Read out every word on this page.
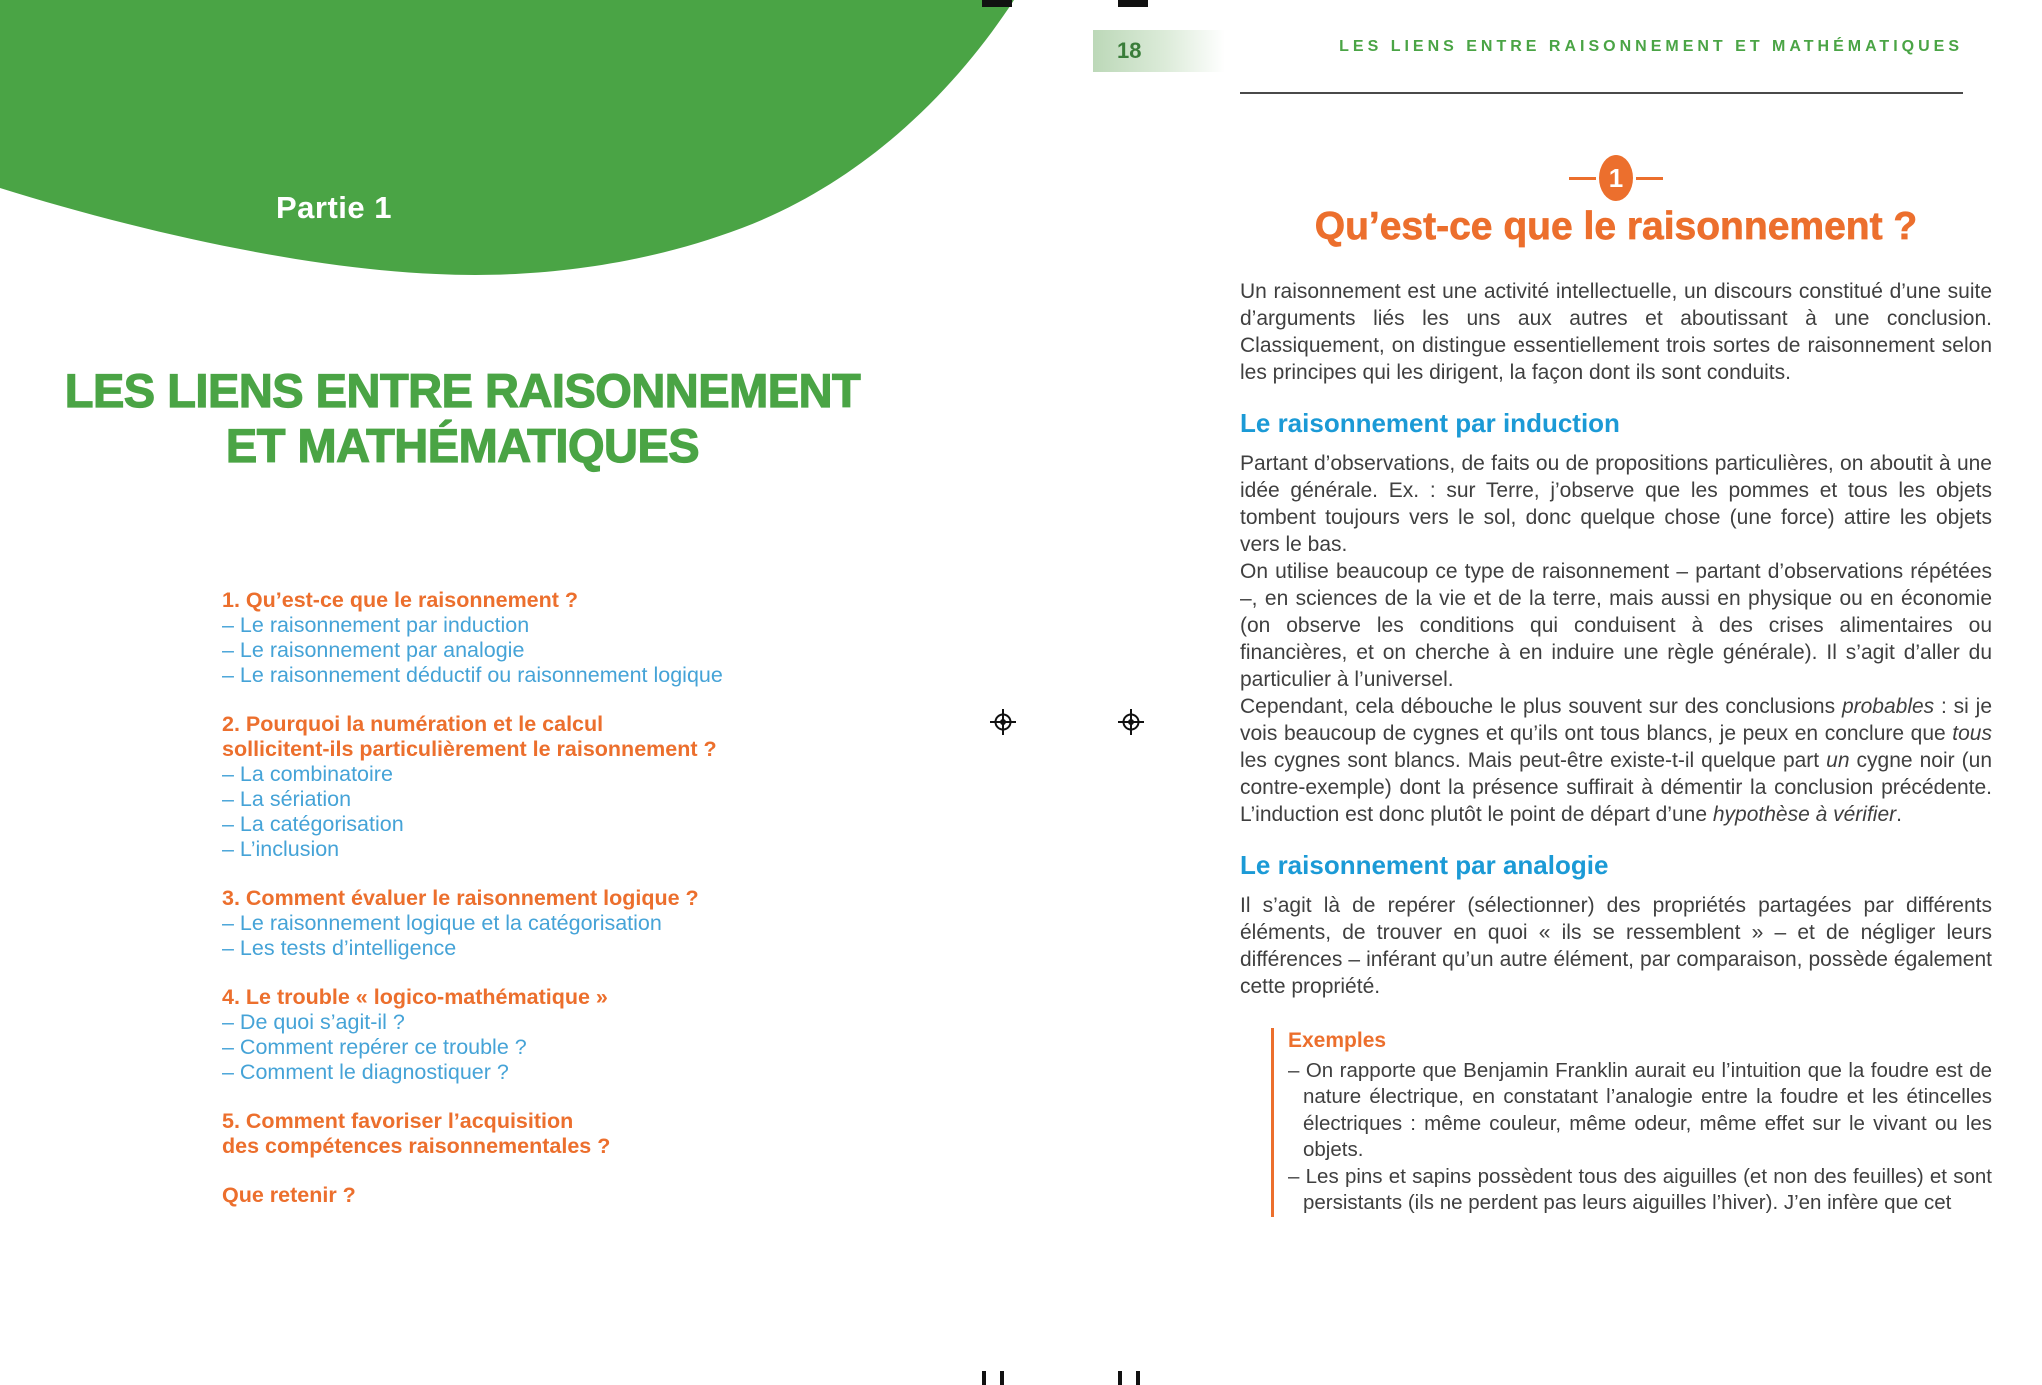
Partie 1
LES LIENS ENTRE RAISONNEMENT
ET MATHÉMATIQUES
1. Qu’est-ce que le raisonnement ?
– Le raisonnement par induction
– Le raisonnement par analogie
– Le raisonnement déductif ou raisonnement logique
2. Pourquoi la numération et le calcul
sollicitent-ils particulièrement le raisonnement ?
– La combinatoire
– La sériation
– La catégorisation
– L’inclusion
3. Comment évaluer le raisonnement logique ?
– Le raisonnement logique et la catégorisation
– Les tests d’intelligence
4. Le trouble « logico-mathématique »
– De quoi s’agit-il ?
– Comment repérer ce trouble ?
– Comment le diagnostiquer ?
5. Comment favoriser l’acquisition
des compétences raisonnementales ?
Que retenir ?
18	LES LIENS ENTRE RAISONNEMENT ET MATHÉMATIQUES
1
Qu’est-ce que le raisonnement ?
Un raisonnement est une activité intellectuelle, un discours constitué d’une suite d’arguments liés les uns aux autres et aboutissant à une conclusion. Classiquement, on distingue essentiellement trois sortes de raisonnement selon les principes qui les dirigent, la façon dont ils sont conduits.
Le raisonnement par induction
Partant d’observations, de faits ou de propositions particulières, on aboutit à une idée générale. Ex. : sur Terre, j’observe que les pommes et tous les objets tombent toujours vers le sol, donc quelque chose (une force) attire les objets vers le bas.
On utilise beaucoup ce type de raisonnement – partant d’observations répétées –, en sciences de la vie et de la terre, mais aussi en physique ou en économie (on observe les conditions qui conduisent à des crises alimentaires ou financières, et on cherche à en induire une règle générale). Il s’agit d’aller du particulier à l’universel.
Cependant, cela débouche le plus souvent sur des conclusions probables : si je vois beaucoup de cygnes et qu’ils ont tous blancs, je peux en conclure que tous les cygnes sont blancs. Mais peut-être existe-t-il quelque part un cygne noir (un contre-exemple) dont la présence suffirait à démentir la conclusion précédente. L’induction est donc plutôt le point de départ d’une hypothèse à vérifier.
Le raisonnement par analogie
Il s’agit là de repérer (sélectionner) des propriétés partagées par différents éléments, de trouver en quoi « ils se ressemblent » – et de négliger leurs différences – inférant qu’un autre élément, par comparaison, possède également cette propriété.
Exemples
– On rapporte que Benjamin Franklin aurait eu l’intuition que la foudre est de nature électrique, en constatant l’analogie entre la foudre et les étincelles électriques : même couleur, même odeur, même effet sur le vivant ou les objets.
– Les pins et sapins possèdent tous des aiguilles (et non des feuilles) et sont persistants (ils ne perdent pas leurs aiguilles l’hiver). J’en infère que cet
